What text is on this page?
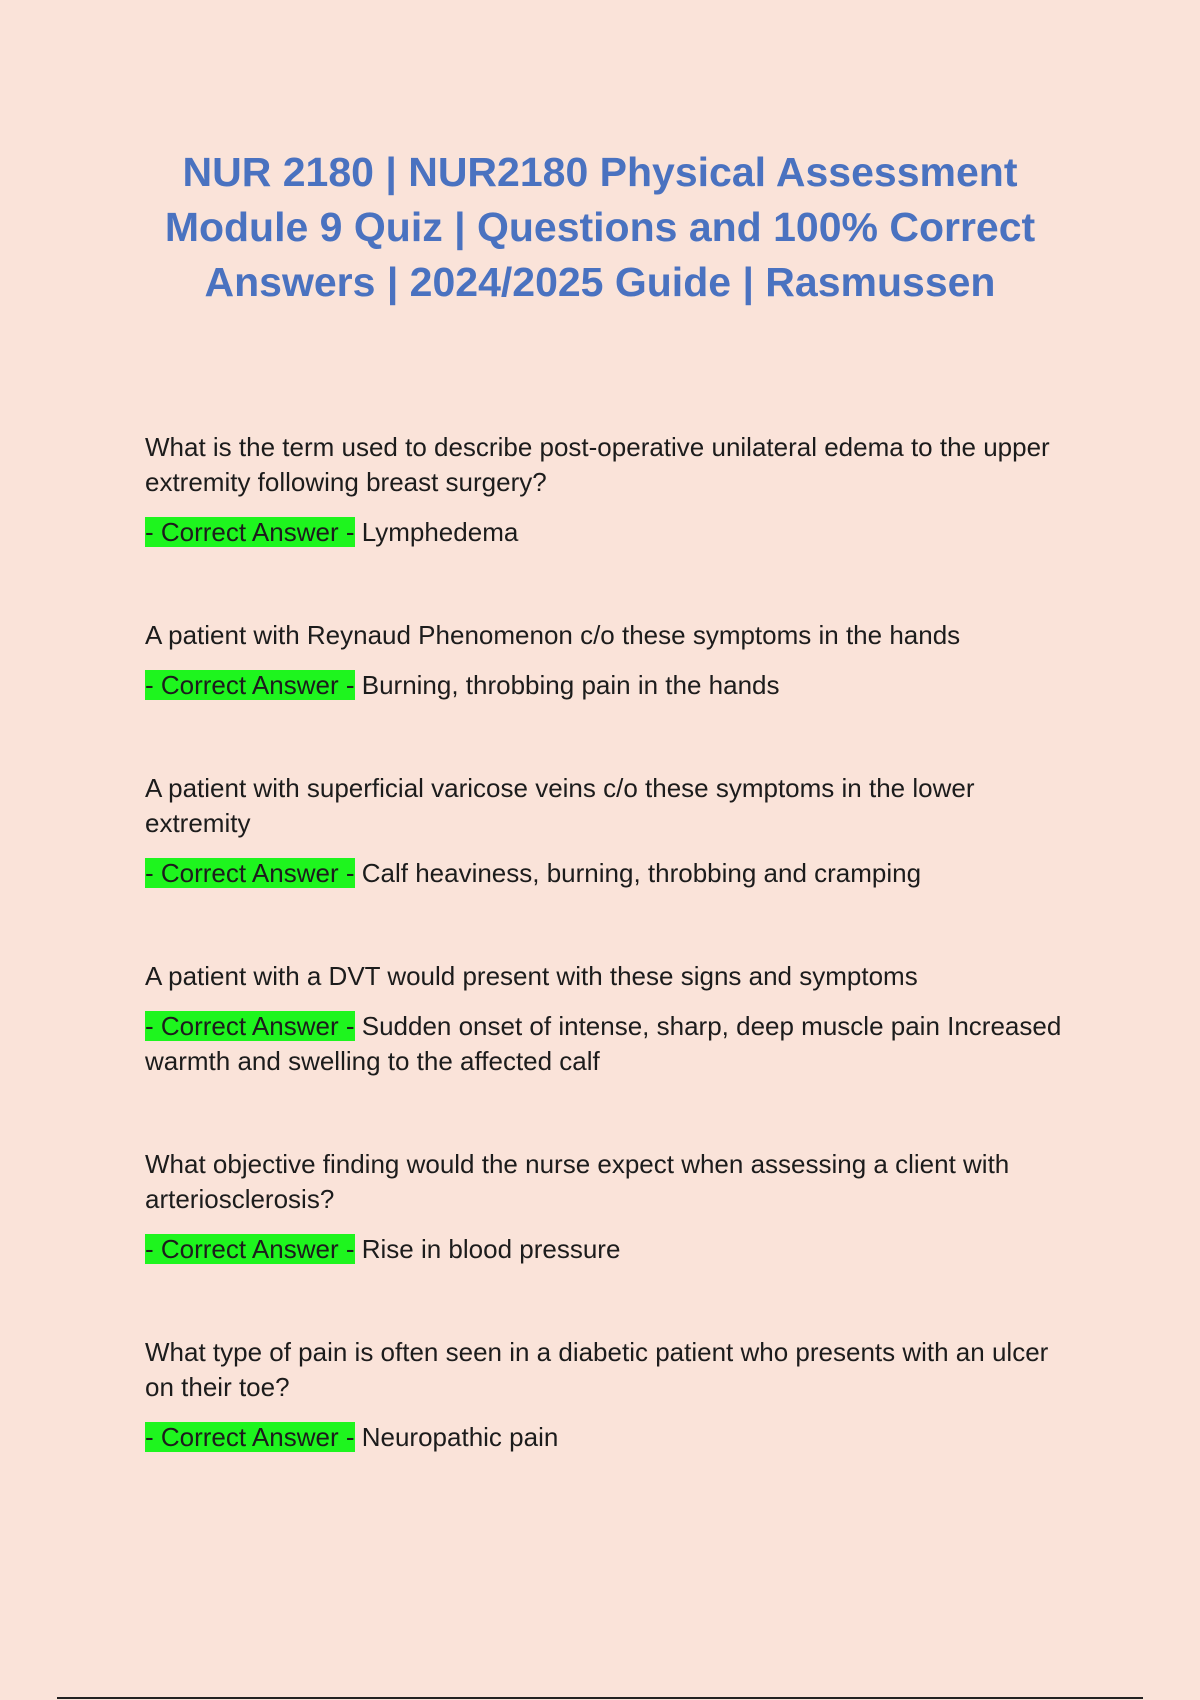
NUR 2180 | NUR2180 Physical Assessment Module 9 Quiz | Questions and 100% Correct Answers | 2024/2025 Guide | Rasmussen

What is the term used to describe post-operative unilateral edema to the upper extremity following breast surgery?

- Correct Answer - Lymphedema

A patient with Reynaud Phenomenon c/o these symptoms in the hands

- Correct Answer - Burning, throbbing pain in the hands

A patient with superficial varicose veins c/o these symptoms in the lower extremity

- Correct Answer - Calf heaviness, burning, throbbing and cramping

A patient with a DVT would present with these signs and symptoms

- Correct Answer - Sudden onset of intense, sharp, deep muscle pain Increased warmth and swelling to the affected calf

What objective finding would the nurse expect when assessing a client with arteriosclerosis?

- Correct Answer - Rise in blood pressure

What type of pain is often seen in a diabetic patient who presents with an ulcer on their toe?

- Correct Answer - Neuropathic pain
